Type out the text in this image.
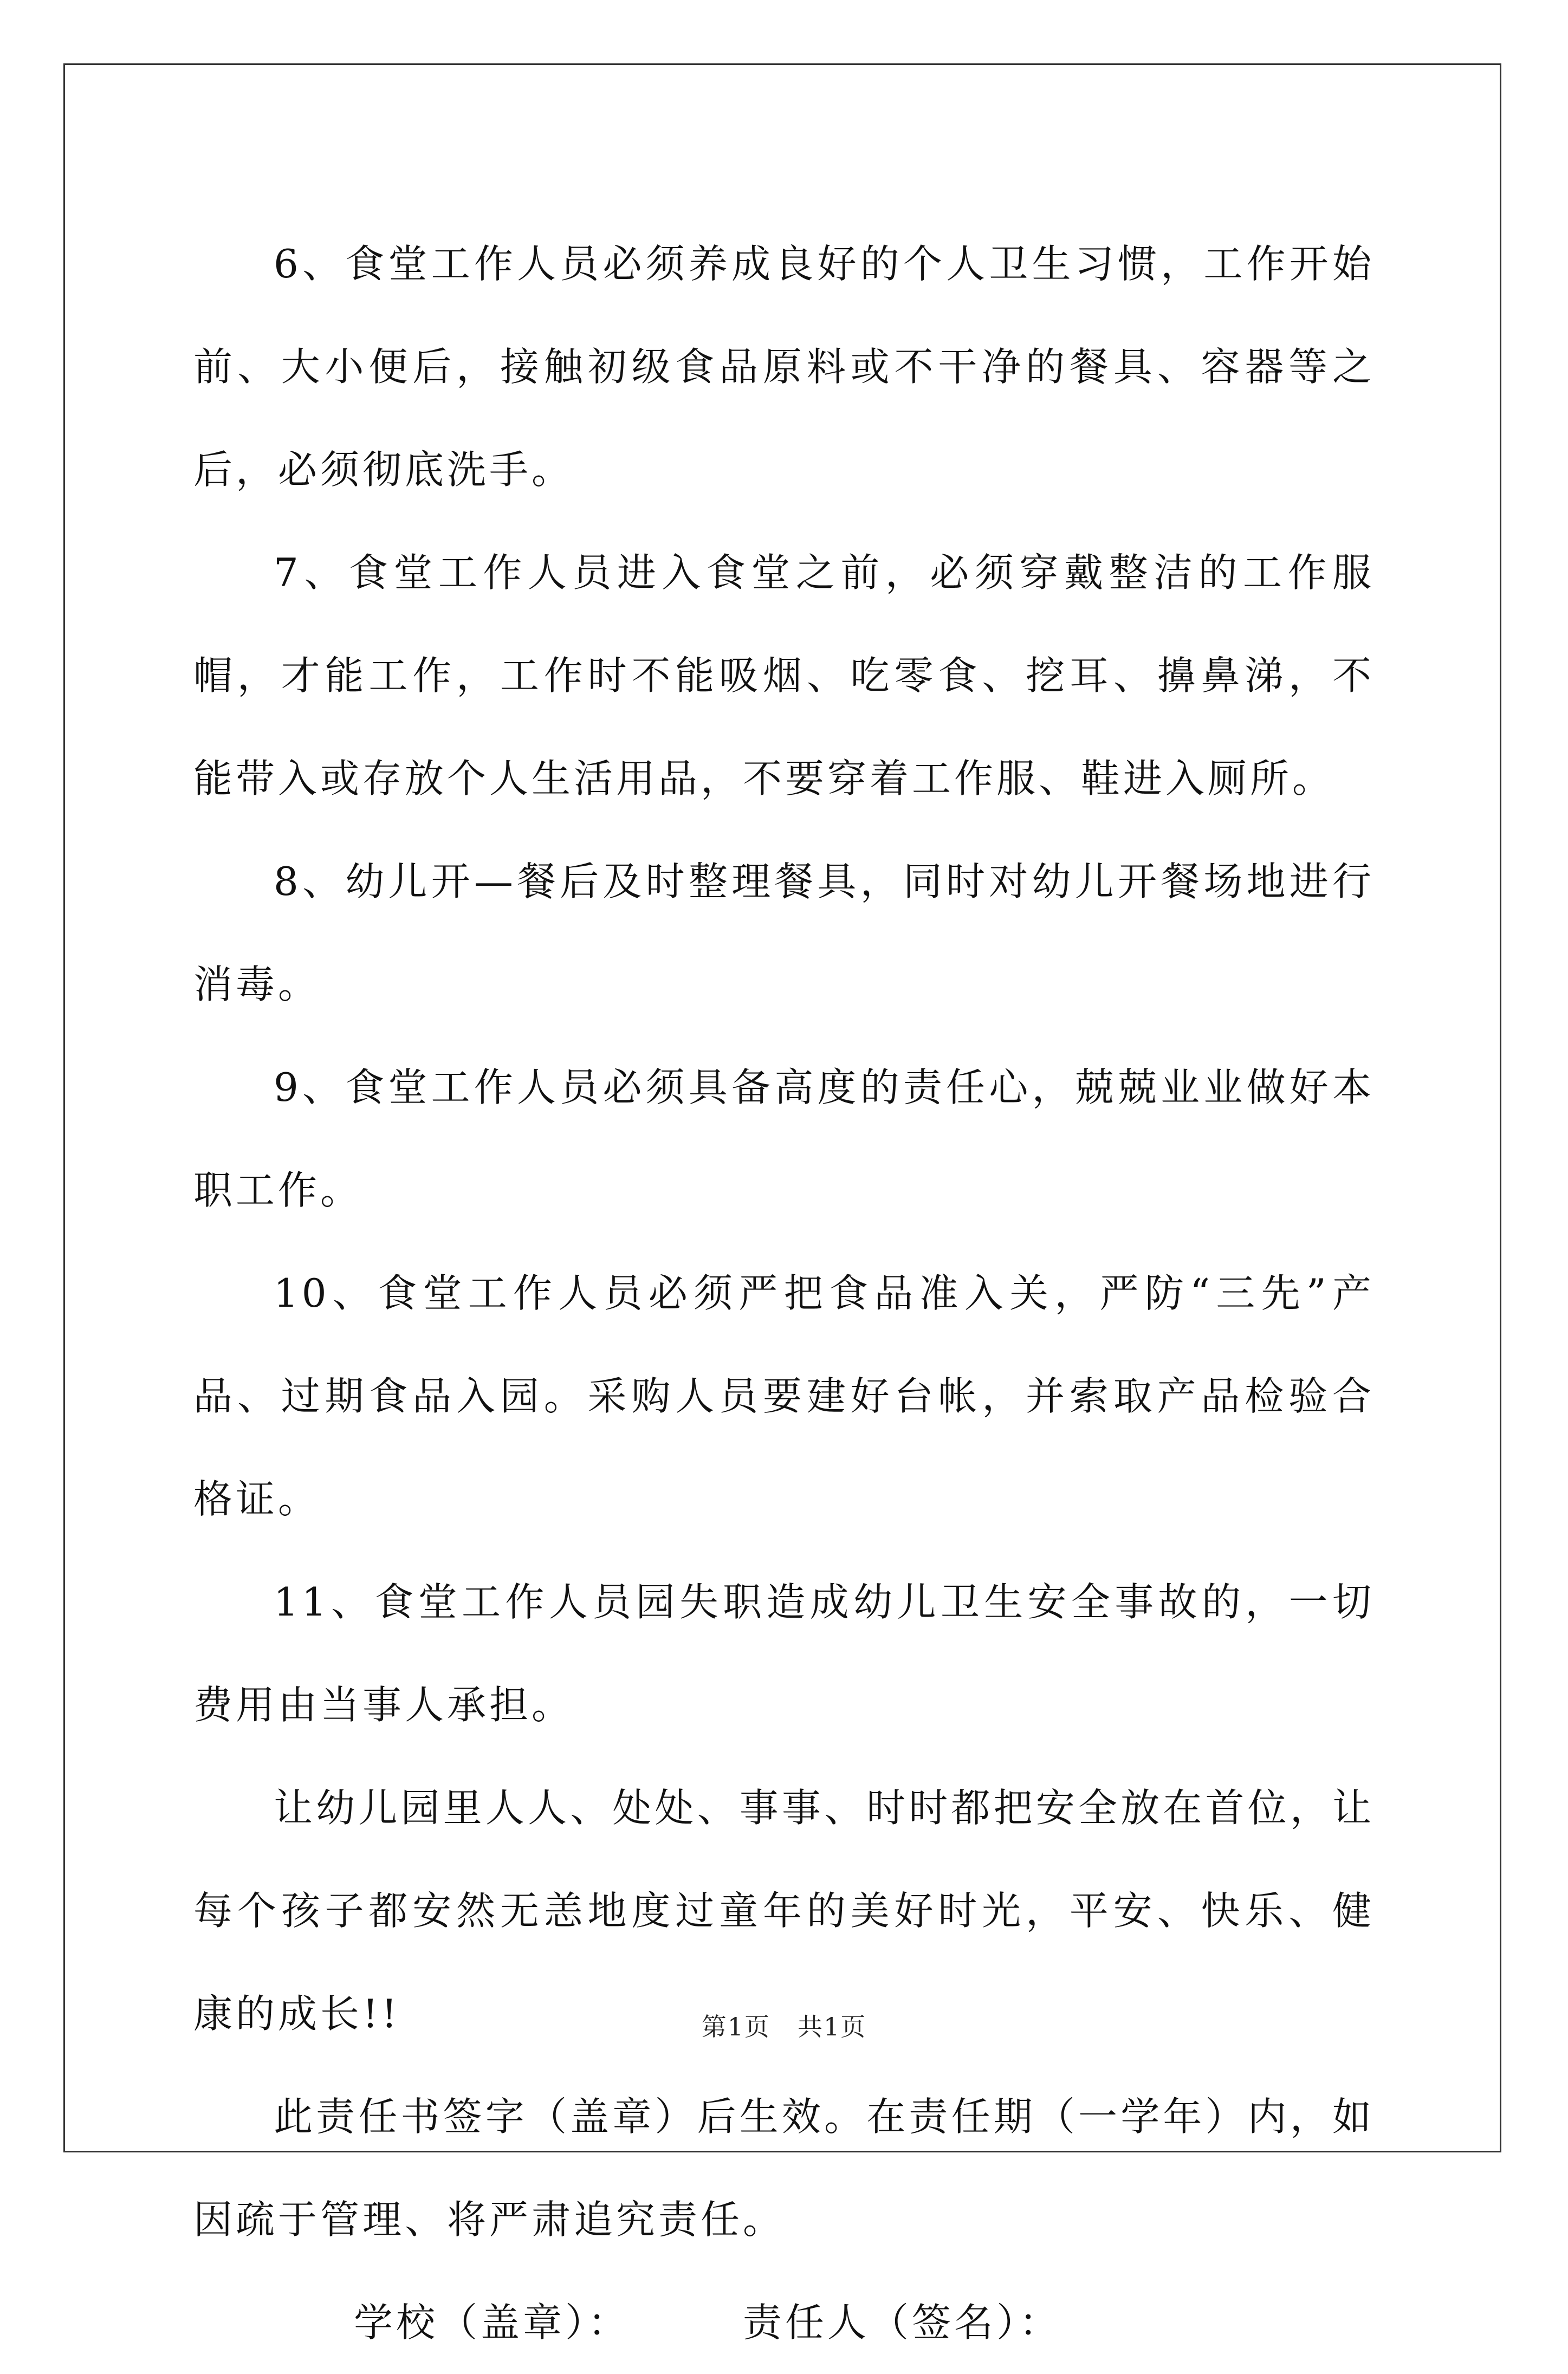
6、食堂工作人员必须养成良好的个人卫生习惯，工作开始前、大小便后，接触初级食品原料或不干净的餐具、容器等之后，必须彻底洗手。

7、食堂工作人员进入食堂之前，必须穿戴整洁的工作服帽，才能工作，工作时不能吸烟、吃零食、挖耳、擤鼻涕，不能带入或存放个人生活用品，不要穿着工作服、鞋进入厕所。

8、幼儿开—餐后及时整理餐具，同时对幼儿开餐场地进行消毒。

9、食堂工作人员必须具备高度的责任心，兢兢业业做好本职工作。

10、食堂工作人员必须严把食品准入关，严防“三先”产品、过期食品入园。采购人员要建好台帐，并索取产品检验合格证。

11、食堂工作人员园失职造成幼儿卫生安全事故的，一切费用由当事人承担。

让幼儿园里人人、处处、事事、时时都把安全放在首位，让每个孩子都安然无恙地度过童年的美好时光，平安、快乐、健康的成长!!

此责任书签字（盖章）后生效。在责任期（一学年）内，如因疏于管理、将严肃追究责任。

学校（盖章）：	责任人（签名）：
第1页 共1页
